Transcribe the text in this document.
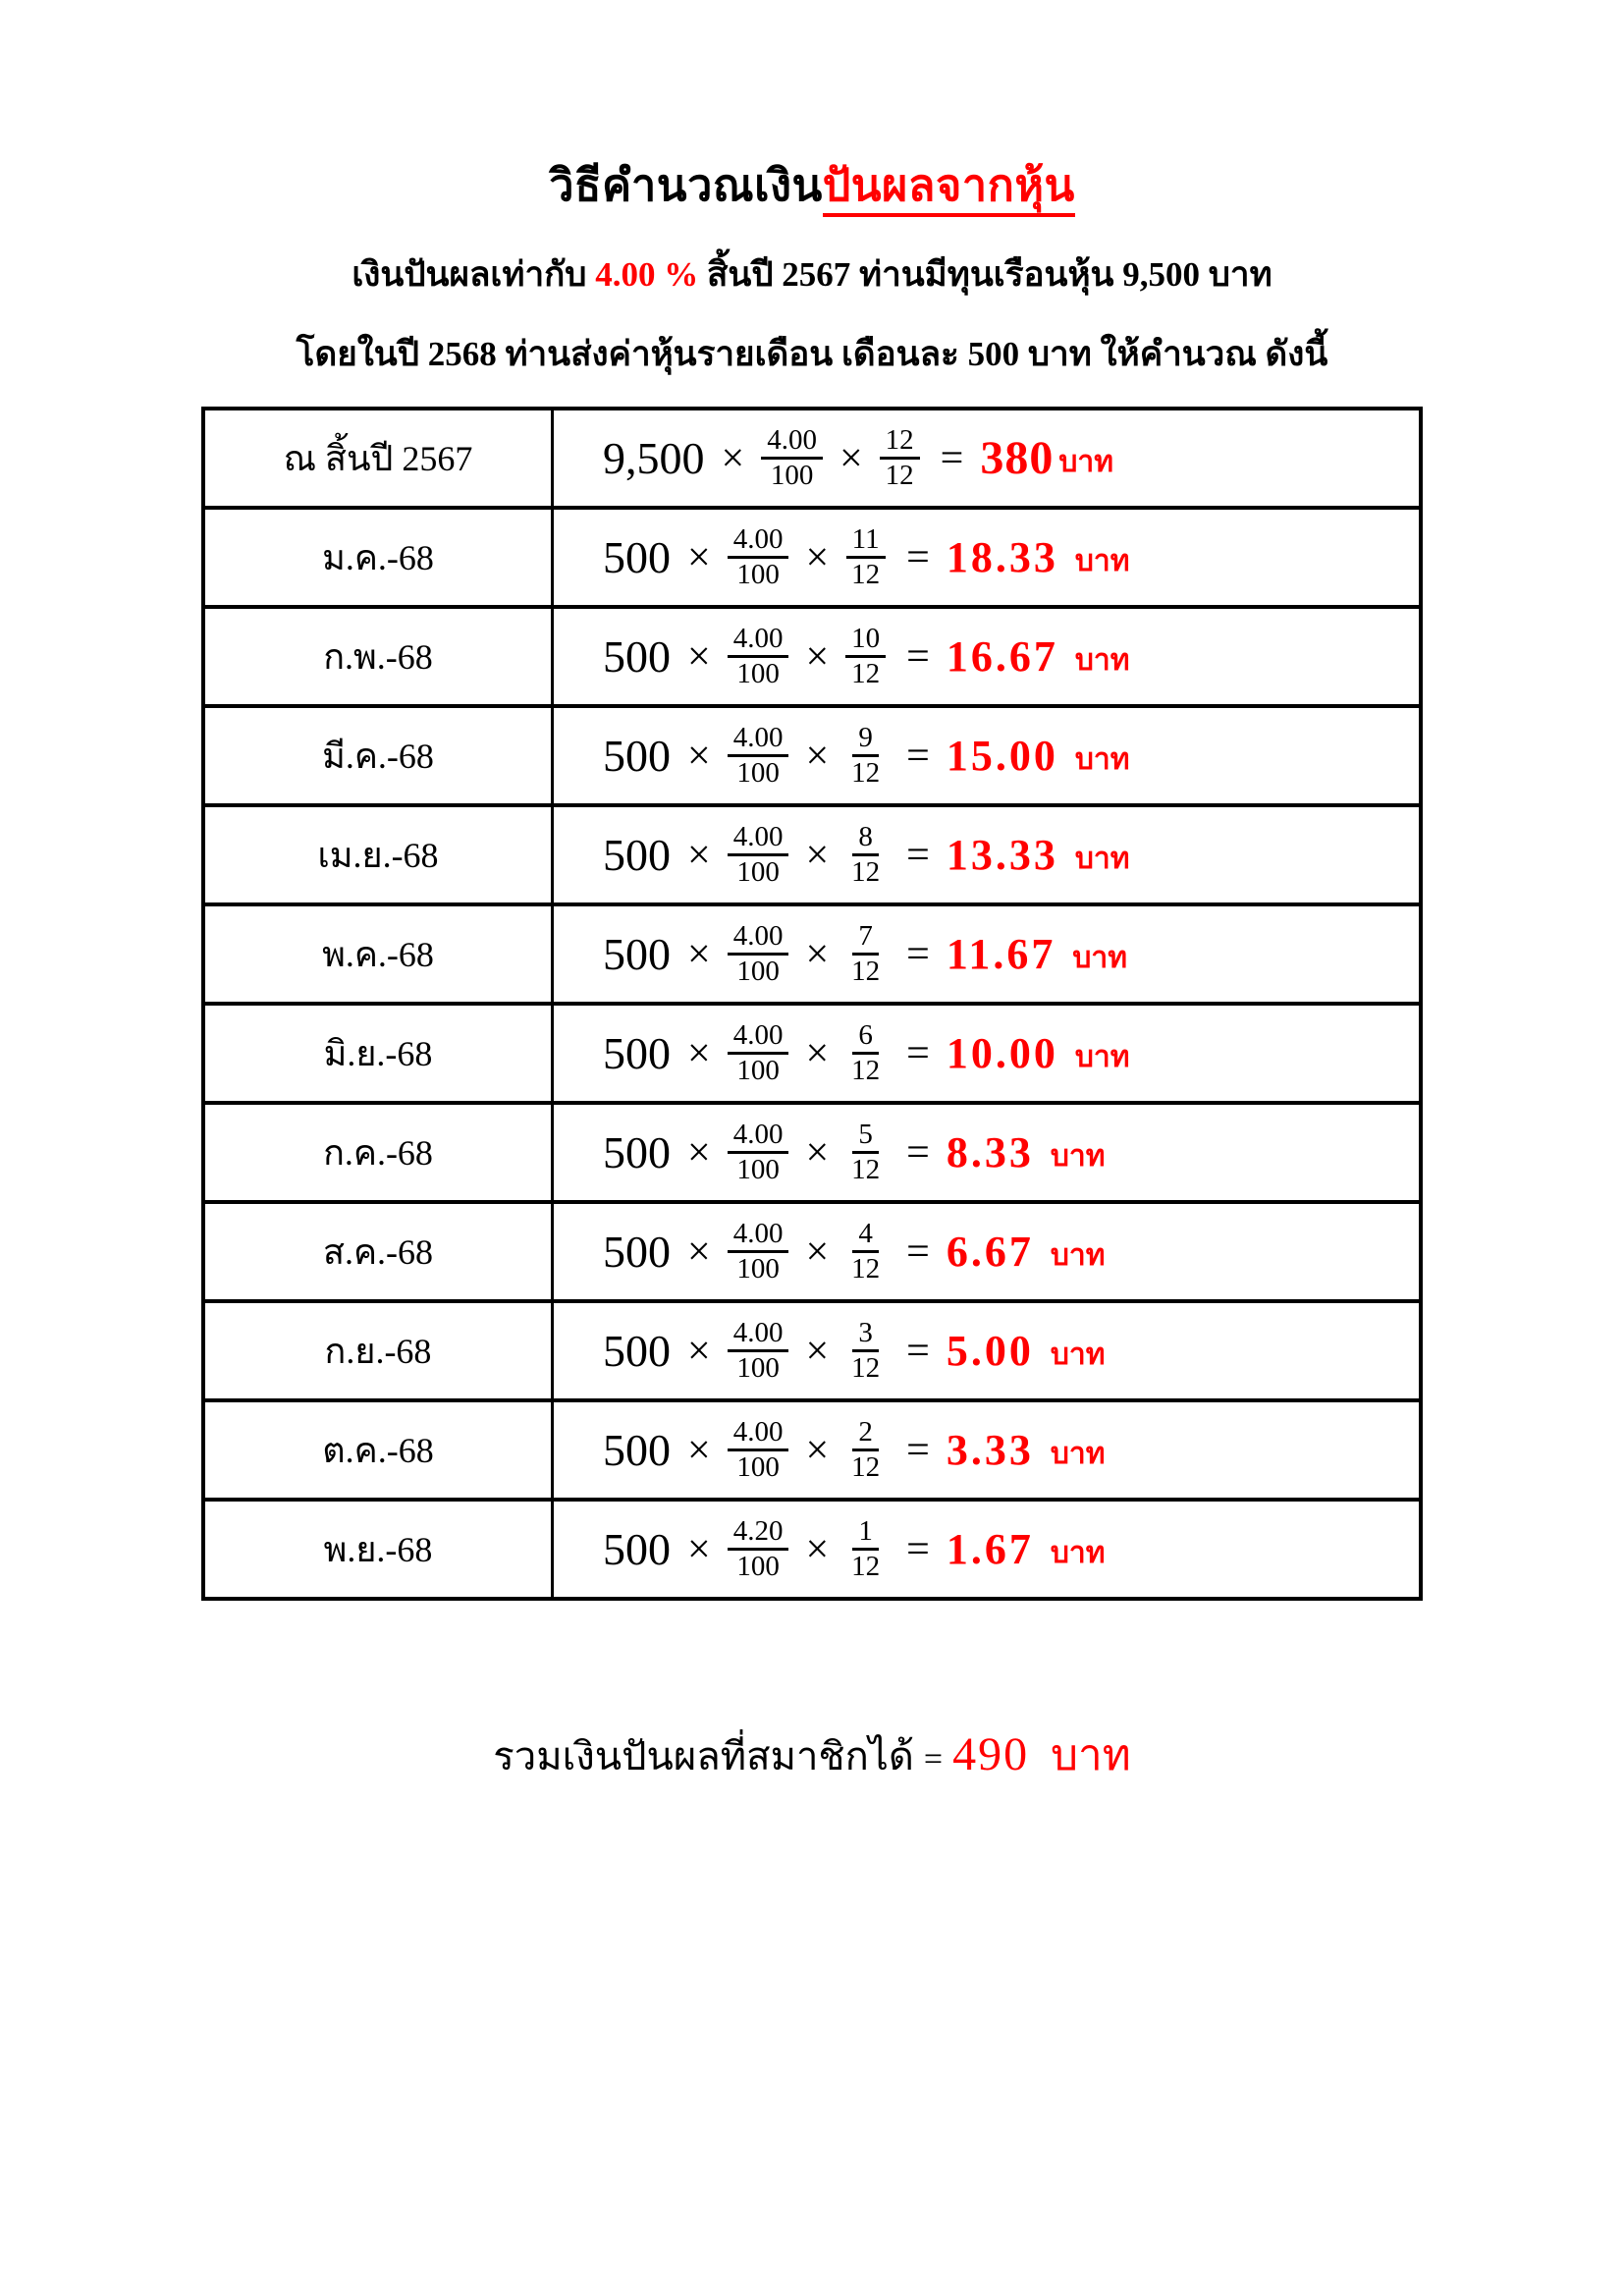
วิธีคำนวณเงินปันผลจากหุ้น

เงินปันผลเท่ากับ 4.00 % สิ้นปี 2567 ท่านมีทุนเรือนหุ้น 9,500 บาท

โดยในปี 2568 ท่านส่งค่าหุ้นรายเดือน เดือนละ 500 บาท ให้คำนวณ ดังนี้

ณ สิ้นปี 2567	$9,500 \times \frac{4.00}{100} \times \frac{12}{12} = 380$ บาท
ม.ค.-68	$500 \times \frac{4.00}{100} \times \frac{11}{12} = 18.33$ บาท
ก.พ.-68	$500 \times \frac{4.00}{100} \times \frac{10}{12} = 16.67$ บาท
มี.ค.-68	$500 \times \frac{4.00}{100} \times \frac{9}{12} = 15.00$ บาท
เม.ย.-68	$500 \times \frac{4.00}{100} \times \frac{8}{12} = 13.33$ บาท
พ.ค.-68	$500 \times \frac{4.00}{100} \times \frac{7}{12} = 11.67$ บาท
มิ.ย.-68	$500 \times \frac{4.00}{100} \times \frac{6}{12} = 10.00$ บาท
ก.ค.-68	$500 \times \frac{4.00}{100} \times \frac{5}{12} = 8.33$ บาท
ส.ค.-68	$500 \times \frac{4.00}{100} \times \frac{4}{12} = 6.67$ บาท
ก.ย.-68	$500 \times \frac{4.00}{100} \times \frac{3}{12} = 5.00$ บาท
ต.ค.-68	$500 \times \frac{4.00}{100} \times \frac{2}{12} = 3.33$ บาท
พ.ย.-68	$500 \times \frac{4.20}{100} \times \frac{1}{12} = 1.67$ บาท

รวมเงินปันผลที่สมาชิกได้ = 490 บาท
